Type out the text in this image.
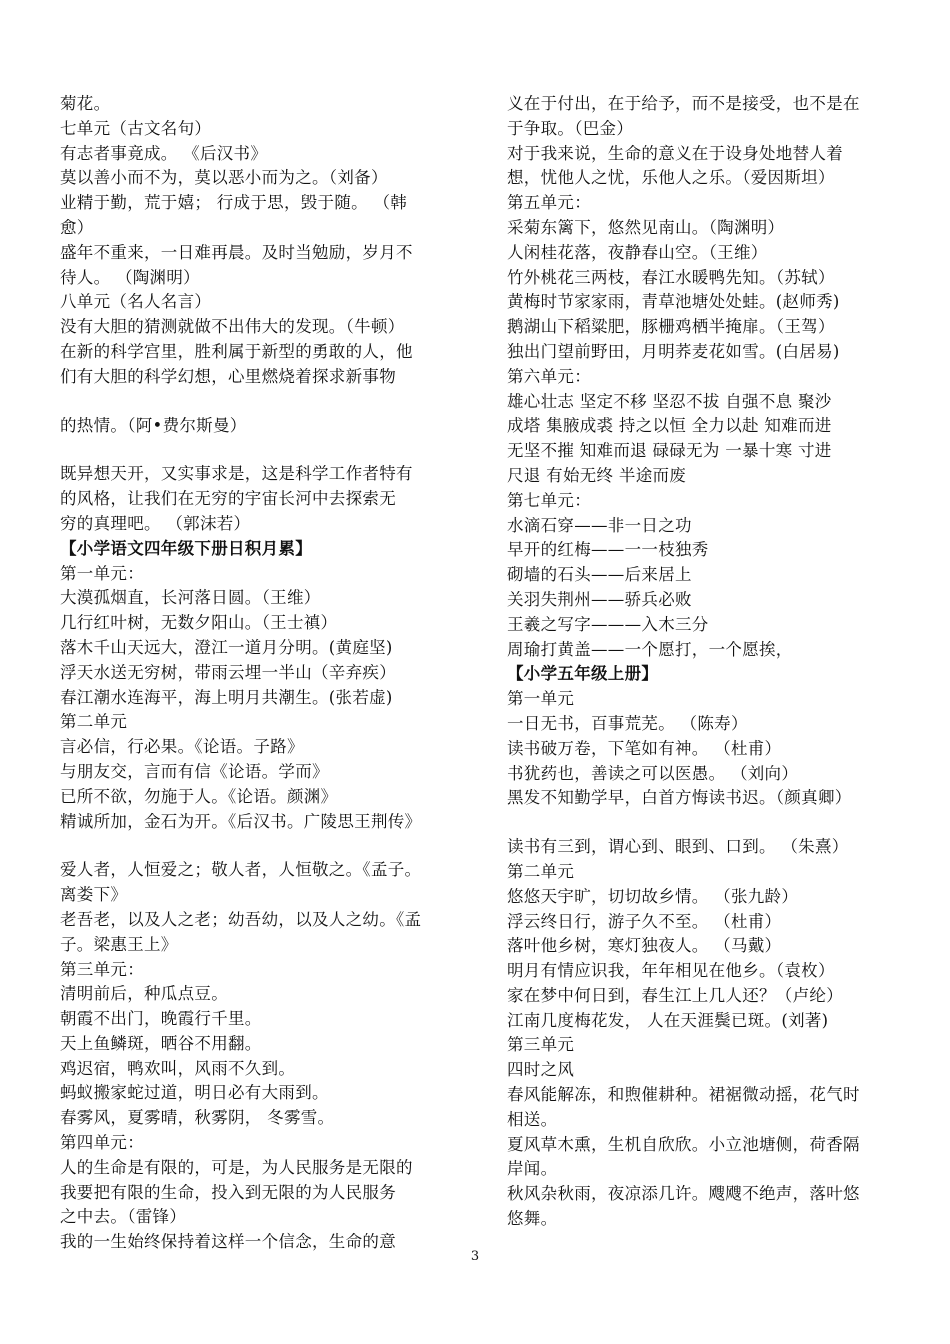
菊花。
七单元（古文名句）
有志者事竟成。 《后汉书》
莫以善小而不为，莫以恶小而为之。（刘备）
业精于勤，荒于嬉； 行成于思，毁于随。 （韩
愈）
盛年不重来，一日难再晨。及时当勉励，岁月不
待人。 （陶渊明）
八单元（名人名言）
没有大胆的猜测就做不出伟大的发现。（牛顿）
在新的科学宫里，胜利属于新型的勇敢的人，他
们有大胆的科学幻想，心里燃烧着探求新事物
的热情。（阿•费尔斯曼）
既异想天开，又实事求是，这是科学工作者特有
的风格，让我们在无穷的宇宙长河中去探索无
穷的真理吧。 （郭沫若）
【小学语文四年级下册日积月累】
第一单元：
大漠孤烟直，长河落日圆。（王维）
几行红叶树，无数夕阳山。（王士禛）
落木千山天远大，澄江一道月分明。(黄庭坚)
浮天水送无穷树，带雨云埋一半山（辛弃疾）
春江潮水连海平，海上明月共潮生。(张若虚)
第二单元
言必信，行必果。《论语。子路》
与朋友交，言而有信《论语。学而》
已所不欲，勿施于人。《论语。颜渊》
精诚所加，金石为开。《后汉书。广陵思王荆传》
爱人者，人恒爱之；敬人者，人恒敬之。《孟子。
离娄下》
老吾老，以及人之老；幼吾幼，以及人之幼。《孟
子。梁惠王上》
第三单元：
清明前后，种瓜点豆。
朝霞不出门，晚霞行千里。
天上鱼鳞斑，晒谷不用翻。
鸡迟宿，鸭欢叫，风雨不久到。
蚂蚁搬家蛇过道，明日必有大雨到。
春雾风，夏雾晴，秋雾阴， 冬雾雪。
第四单元：
人的生命是有限的，可是，为人民服务是无限的
我要把有限的生命，投入到无限的为人民服务
之中去。（雷锋）
我的一生始终保持着这样一个信念，生命的意
义在于付出，在于给予，而不是接受，也不是在
于争取。（巴金）
对于我来说，生命的意义在于设身处地替人着
想，忧他人之忧，乐他人之乐。（爱因斯坦）
第五单元：
采菊东篱下，悠然见南山。（陶渊明）
人闲桂花落，夜静春山空。（王维）
竹外桃花三两枝，春江水暖鸭先知。（苏轼）
黄梅时节家家雨，青草池塘处处蛙。(赵师秀)
鹅湖山下稻粱肥，豚栅鸡栖半掩扉。（王驾）
独出门望前野田，月明荞麦花如雪。(白居易)
第六单元：
雄心壮志 坚定不移 坚忍不拔 自强不息 聚沙
成塔 集腋成裘 持之以恒 全力以赴 知难而进
无坚不摧 知难而退 碌碌无为 一暴十寒 寸进
尺退 有始无终 半途而废
第七单元：
水滴石穿——非一日之功
早开的红梅——一一枝独秀
砌墙的石头——后来居上
关羽失荆州——骄兵必败
王羲之写字———入木三分
周瑜打黄盖——一个愿打，一个愿挨，
【小学五年级上册】
第一单元
一日无书，百事荒芜。 （陈寿）
读书破万卷，下笔如有神。 （杜甫）
书犹药也，善读之可以医愚。 （刘向）
黑发不知勤学早，白首方悔读书迟。（颜真卿）
读书有三到，谓心到、眼到、口到。 （朱熹）
第二单元
悠悠天宇旷，切切故乡情。 （张九龄）
浮云终日行，游子久不至。 （杜甫）
落叶他乡树，寒灯独夜人。 （马戴）
明月有情应识我，年年相见在他乡。（袁枚）
家在梦中何日到，春生江上几人还？（卢纶）
江南几度梅花发， 人在天涯鬓已斑。(刘著)
第三单元
四时之风
春风能解冻，和煦催耕种。裙裾微动摇，花气时
相送。
夏风草木熏，生机自欣欣。小立池塘侧，荷香隔
岸闻。
秋风杂秋雨，夜凉添几许。飕飕不绝声，落叶悠
悠舞。
3
